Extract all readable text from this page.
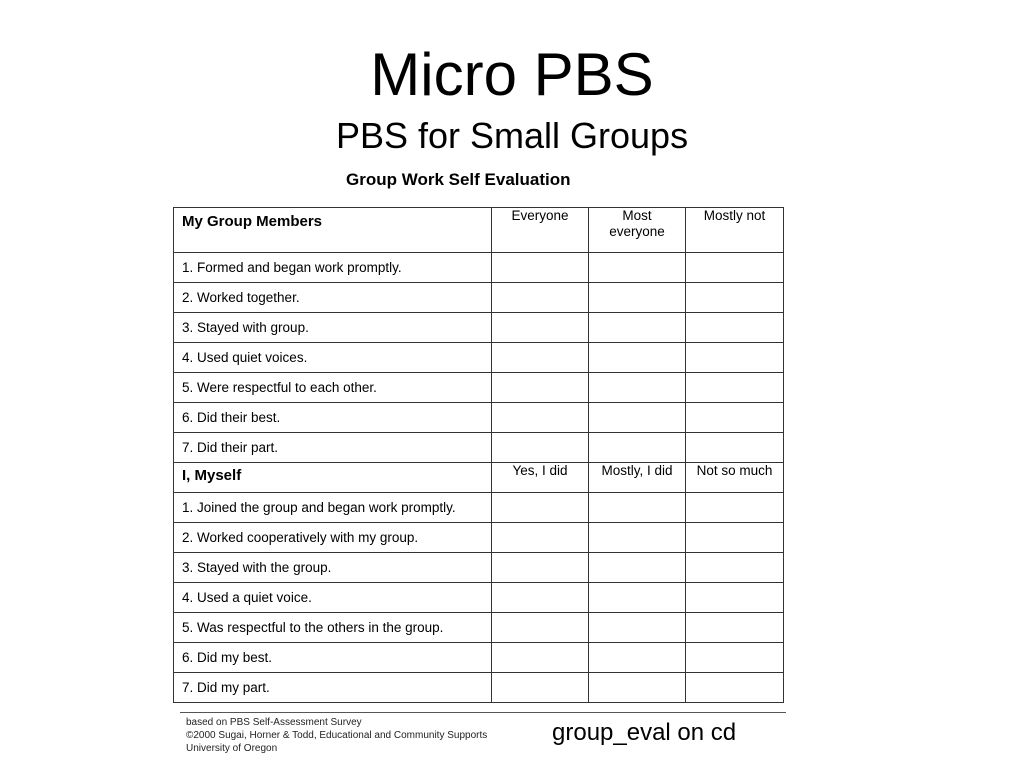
Micro PBS
PBS for Small Groups
Group Work Self Evaluation
My Group Members	Everyone	Most everyone	Mostly not
1. Formed and began work promptly.			
2. Worked together.			
3. Stayed with group.			
4. Used quiet voices.			
5. Were respectful to each other.			
6. Did their best.			
7. Did their part.			
I, Myself	Yes, I did	Mostly, I did	Not so much
1. Joined the group and began work promptly.			
2. Worked cooperatively with my group.			
3. Stayed with the group.			
4. Used a quiet voice.			
5. Was respectful to the others in the group.			
6. Did my best.			
7. Did my part.			
based on PBS Self-Assessment Survey
©2000 Sugai, Horner & Todd, Educational and Community Supports
University of Oregon
group_eval on cd
